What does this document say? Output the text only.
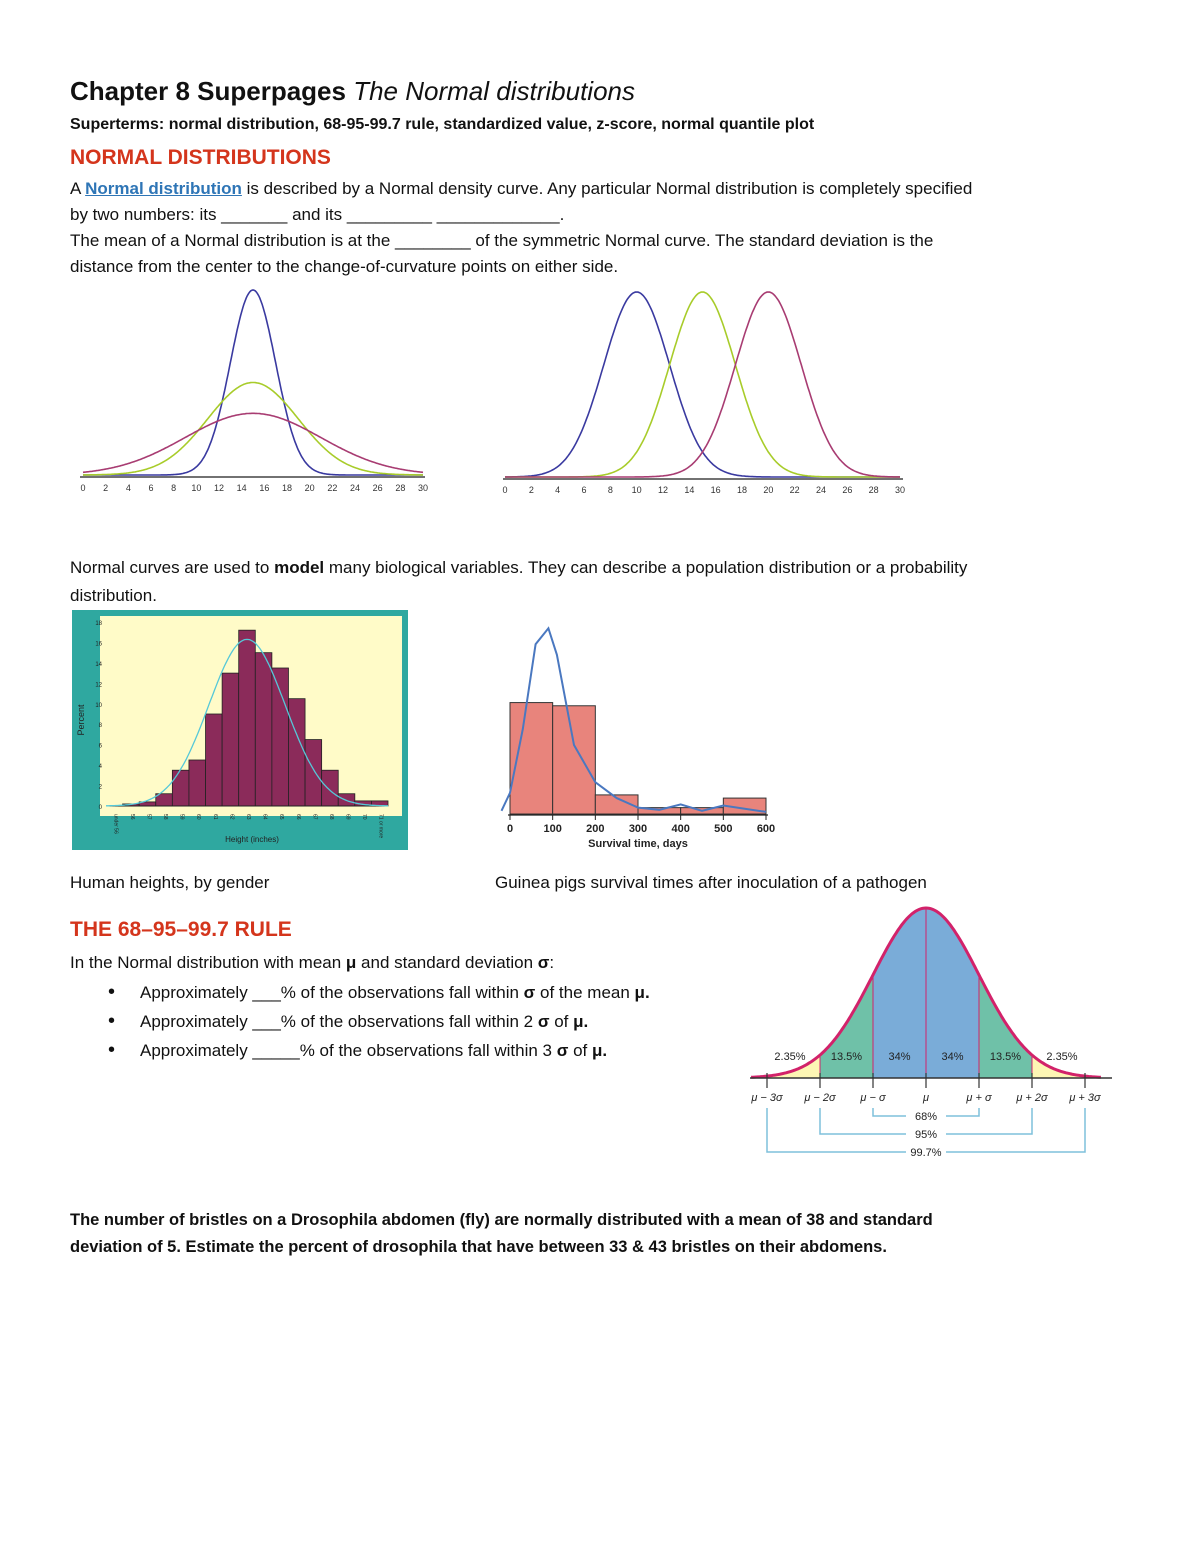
Chapter 8 Superpages The Normal distributions
Superterms: normal distribution, 68-95-99.7 rule, standardized value, z-score, normal quantile plot
NORMAL DISTRIBUTIONS
A Normal distribution is described by a Normal density curve. Any particular Normal distribution is completely specified
by two numbers: its _______ and its _________ _____________.
The mean of a Normal distribution is at the ________ of the symmetric Normal curve. The standard deviation is the
distance from the center to the change-of-curvature points on either side.
0 2 4 6 8 10 12 14 16 18 20 22 24 26 28 30	0 2 4 6 8 10 12 14 16 18 20 22 24 26 28 30
Normal curves are used to model many biological variables. They can describe a population distribution or a probability
distribution.
Percent
0
2
4
6
8
10
12
14
16
18
under 56 56 57 58 59 60 61 62 63 64 65 66 67 68 69 70 71 or more
Height (inches)
0	100 200 300 400 500 600
Survival time, days
Human heights, by gender	Guinea pigs survival times after inoculation of a pathogen
THE 68–95–99.7 RULE
In the Normal distribution with mean μ and standard deviation σ:
• Approximately ___% of the observations fall within σ of the mean μ.
• Approximately ___% of the observations fall within 2 σ of μ.
• Approximately _____% of the observations fall within 3 σ of μ.	2.35% 13.5% 34%	34% 13.5% 2.35%
μ − 3σ μ − 2σ μ − σ	μ	μ + σ μ + 2σ μ + 3σ
68%
95%
99.7%
The number of bristles on a Drosophila abdomen (fly) are normally distributed with a mean of 38 and standard
deviation of 5. Estimate the percent of drosophila that have between 33 & 43 bristles on their abdomens.
